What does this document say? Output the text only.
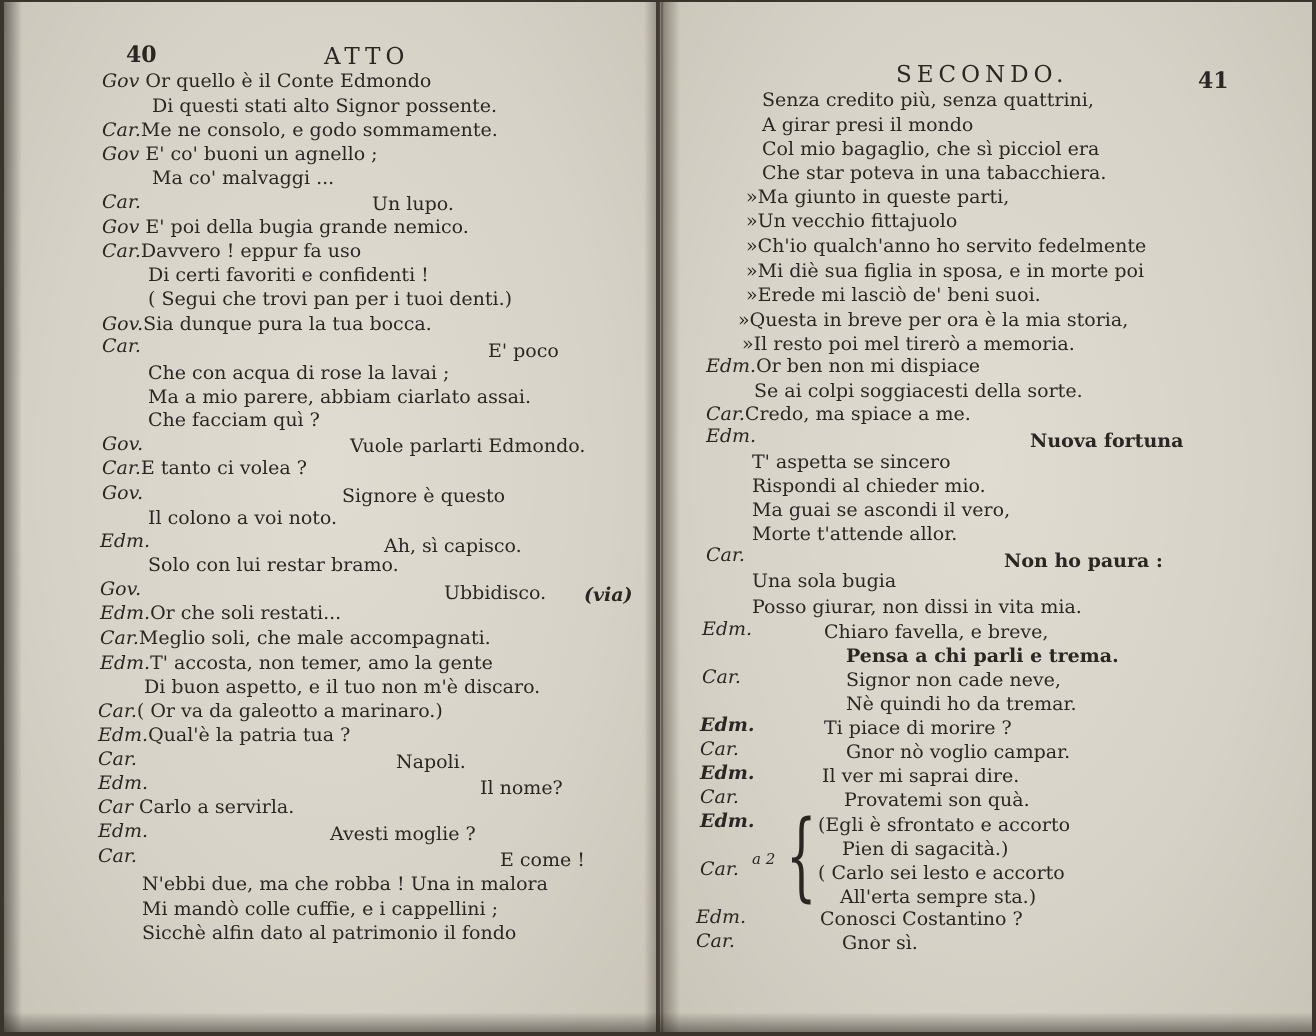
40	ATTO
Gov Or quello è il Conte Edmondo
Di questi stati alto Signor possente.
Car.Me ne consolo, e godo sommamente.
Gov E' co' buoni un agnello ;
Ma co' malvaggi ...
Car.	Un lupo.
Gov E' poi della bugia grande nemico.
Car.Davvero ! eppur fa uso
Di certi favoriti e confidenti !
( Segui che trovi pan per i tuoi denti.)
Gov.Sia dunque pura la tua bocca.
Car.	E' poco
Che con acqua di rose la lavai ;
Ma a mio parere, abbiam ciarlato assai.
Che facciam quì ?
Gov.	Vuole parlarti Edmondo.
Car.E tanto ci volea ?
Gov.	Signore è questo
Il colono a voi noto.
Edm.	Ah, sì capisco.
Solo con lui restar bramo.
Gov.	Ubbidisco. (via)
Edm.Or che soli restati...
Car.Meglio soli, che male accompagnati.
Edm.T' accosta, non temer, amo la gente
Di buon aspetto, e il tuo non m'è discaro.
Car.( Or va da galeotto a marinaro.)
Edm.Qual'è la patria tua ?
Car.	Napoli.
Edm.	Il nome?
Car Carlo a servirla.
Edm.	Avesti moglie ?
Car.	E come !
N'ebbi due, ma che robba ! Una in malora
Mi mandò colle cuffie, e i cappellini ;
Sicchè alfin dato al patrimonio il fondo
SECONDO.	41
Senza credito più, senza quattrini,
A girar presi il mondo
Col mio bagaglio, che sì picciol era
Che star poteva in una tabacchiera.
»Ma giunto in queste parti,
»Un vecchio fittajuolo
»Ch'io qualch'anno ho servito fedelmente
»Mi diè sua figlia in sposa, e in morte poi
»Erede mi lasciò de' beni suoi.
»Questa in breve per ora è la mia storia,
»Il resto poi mel tirerò a memoria.
Edm.Or ben non mi dispiace
Se ai colpi soggiacesti della sorte.
Car.Credo, ma spiace a me.
Edm.	Nuova fortuna
T' aspetta se sincero
Rispondi al chieder mio.
Ma guai se ascondi il vero,
Morte t'attende allor.
Car.	Non ho paura :
Una sola bugia
Posso giurar, non dissi in vita mia.
Edm.	Chiaro favella, e breve,
Pensa a chi parli e trema.
Car.	Signor non cade neve,
Nè quindi ho da tremar.
Edm.	Ti piace di morire ?
Car.	Gnor nò voglio campar.
Edm.	Il ver mi saprai dire.
Car.	Provatemi son quà.
Edm.	(Egli è sfrontato e accorto
Pien di sagacità.)
Car. a 2 { ( Carlo sei lesto e accorto
All'erta sempre sta.)
Edm.	Conosci Costantino ?
Car.	Gnor sì.
